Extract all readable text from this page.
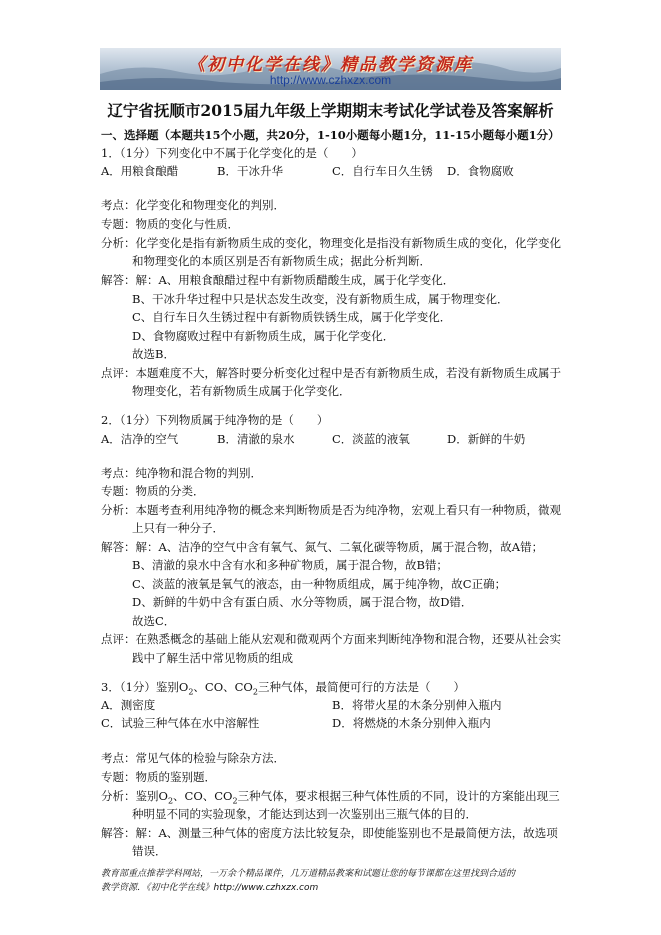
《初中化学在线》精品教学资源库
http://www.czhxzx.com
辽宁省抚顺市2015届九年级上学期期末考试化学试卷及答案解析
一、选择题（本题共15个小题，共20分，1-10小题每小题1分，11-15小题每小题1分）
1．（1分）下列变化中不属于化学变化的是（　　）
A．用粮食酿醋	B．干冰升华	C．自行车日久生锈 D．食物腐败
考点：化学变化和物理变化的判别．
专题：物质的变化与性质．
分析：化学变化是指有新物质生成的变化，物理变化是指没有新物质生成的变化，化学变化
和物理变化的本质区别是否有新物质生成；据此分析判断．
解答：解：A、用粮食酿醋过程中有新物质醋酸生成，属于化学变化．
B、干冰升华过程中只是状态发生改变，没有新物质生成，属于物理变化．
C、自行车日久生锈过程中有新物质铁锈生成，属于化学变化．
D、食物腐败过程中有新物质生成，属于化学变化．
故选B．
点评：本题难度不大，解答时要分析变化过程中是否有新物质生成，若没有新物质生成属于
物理变化，若有新物质生成属于化学变化．
2．（1分）下列物质属于纯净物的是（　　）
A．洁净的空气	B．清澈的泉水	C．淡蓝的液氧	D．新鲜的牛奶
考点：纯净物和混合物的判别．
专题：物质的分类．
分析：本题考查利用纯净物的概念来判断物质是否为纯净物，宏观上看只有一种物质，微观
上只有一种分子．
解答：解：A、洁净的空气中含有氧气、氮气、二氧化碳等物质，属于混合物，故A错；
B、清澈的泉水中含有水和多种矿物质，属于混合物，故B错；
C、淡蓝的液氧是氧气的液态，由一种物质组成，属于纯净物，故C正确；
D、新鲜的牛奶中含有蛋白质、水分等物质，属于混合物，故D错．
故选C．
点评：在熟悉概念的基础上能从宏观和微观两个方面来判断纯净物和混合物，还要从社会实
践中了解生活中常见物质的组成
3．（1分）鉴别$O_2$、CO、$CO_2$三种气体，最简便可行的方法是（　　）
A．测密度	B．将带火星的木条分别伸入瓶内
C．试验三种气体在水中溶解性	D．将燃烧的木条分别伸入瓶内
考点：常见气体的检验与除杂方法．
专题：物质的鉴别题．
分析：鉴别$O_2$、CO、$CO_2$三种气体，要求根据三种气体性质的不同，设计的方案能出现三
种明显不同的实验现象，才能达到达到一次鉴别出三瓶气体的目的．
解答：解：A、测量三种气体的密度方法比较复杂，即使能鉴别也不是最简便方法，故选项
错误．
教育部重点推荐学科网站，一万余个精品课件，几万道精品教案和试题让您的每节课都在这里找到合适的
教学资源．《初中化学在线》http://www.czhxzx.com
